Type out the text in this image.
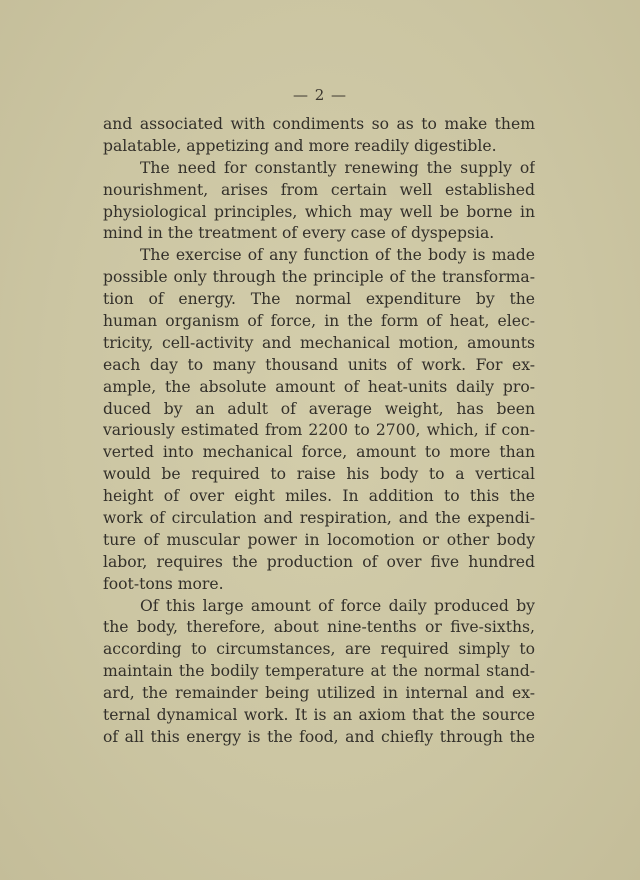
— 2 —
and associated with condiments so as to make them
palatable, appetizing and more readily digestible.
The need for constantly renewing the supply of
nourishment, arises from certain well established
physiological principles, which may well be borne in
mind in the treatment of every case of dyspepsia.
The exercise of any function of the body is made
possible only through the principle of the transforma-
tion of energy. The normal expenditure by the
human organism of force, in the form of heat, elec-
tricity, cell-activity and mechanical motion, amounts
each day to many thousand units of work. For ex-
ample, the absolute amount of heat-units daily pro-
duced by an adult of average weight, has been
variously estimated from 2200 to 2700, which, if con-
verted into mechanical force, amount to more than
would be required to raise his body to a vertical
height of over eight miles. In addition to this the
work of circulation and respiration, and the expendi-
ture of muscular power in locomotion or other body
labor, requires the production of over five hundred
foot-tons more.
Of this large amount of force daily produced by
the body, therefore, about nine-tenths or five-sixths,
according to circumstances, are required simply to
maintain the bodily temperature at the normal stand-
ard, the remainder being utilized in internal and ex-
ternal dynamical work. It is an axiom that the source
of all this energy is the food, and chiefly through the
